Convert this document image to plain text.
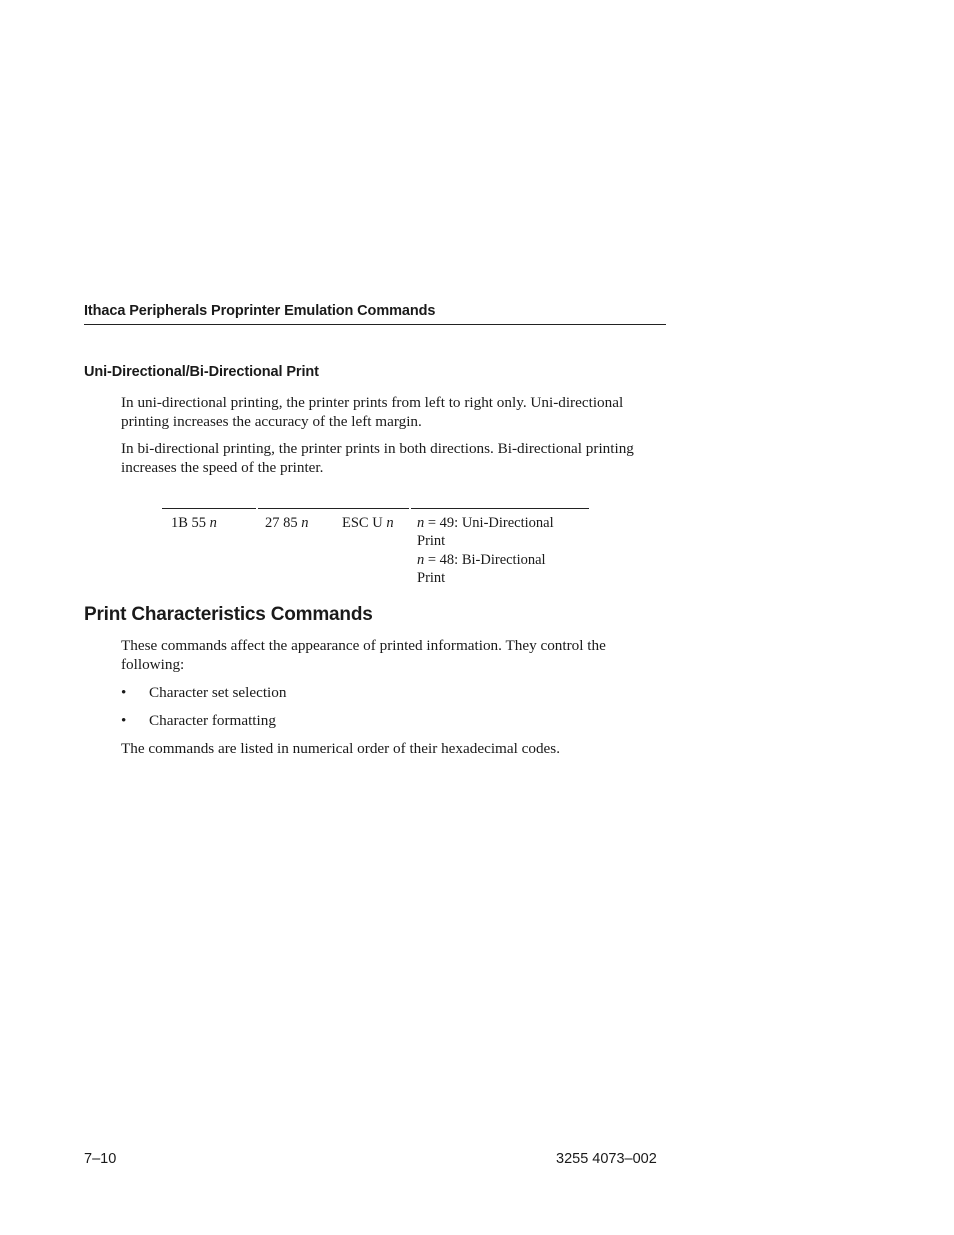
Ithaca Peripherals Proprinter Emulation Commands
Uni-Directional/Bi-Directional Print

In uni-directional printing, the printer prints from left to right only. Uni-directional printing increases the accuracy of the left margin.

In bi-directional printing, the printer prints in both directions. Bi-directional printing increases the speed of the printer.

1B 55 n	27 85 n ESC U n n = 49: Uni-Directional
Print
n = 48: Bi-Directional
Print
Print Characteristics Commands

These commands affect the appearance of printed information. They control the following:

• Character set selection
• Character formatting

The commands are listed in numerical order of their hexadecimal codes.

7–10	3255 4073–002
